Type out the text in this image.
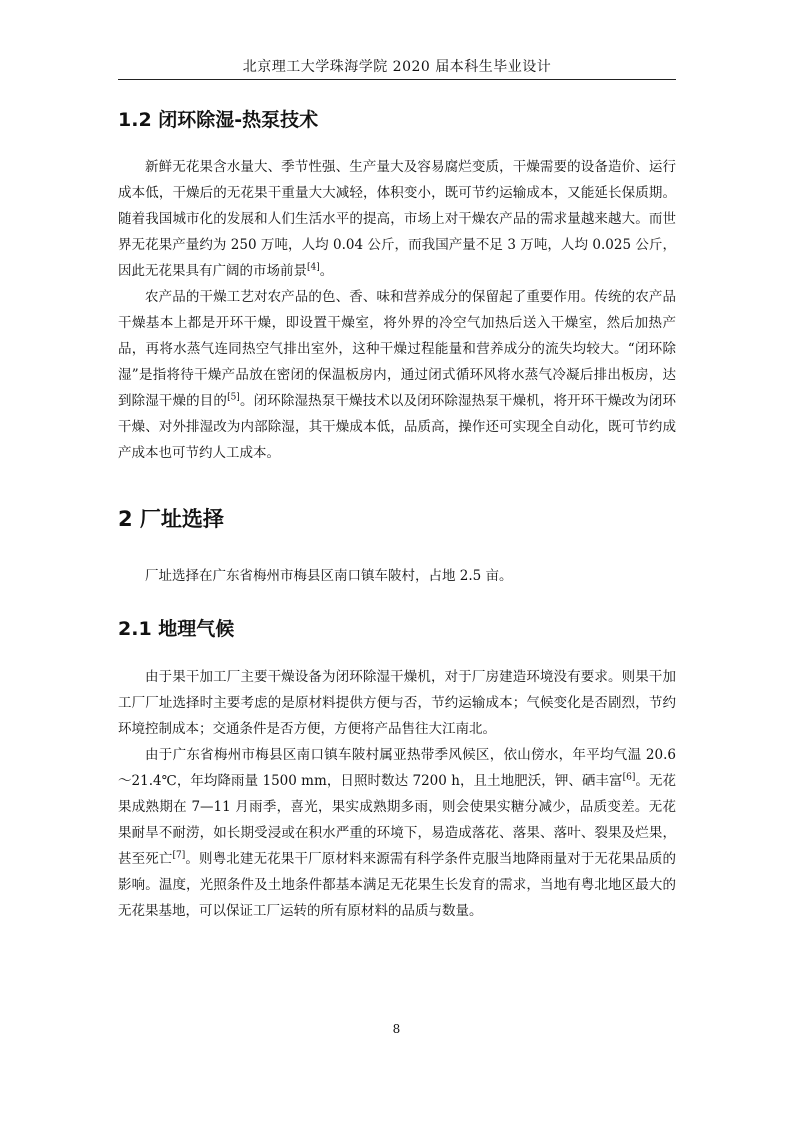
北京理工大学珠海学院 2020 届本科生毕业设计
1.2 闭环除湿-热泵技术

新鲜无花果含水量大、季节性强、生产量大及容易腐烂变质，干燥需要的设备造价、运行成本低，干燥后的无花果干重量大大减轻，体积变小，既可节约运输成本，又能延长保质期。随着我国城市化的发展和人们生活水平的提高，市场上对干燥农产品的需求量越来越大。而世界无花果产量约为 250 万吨，人均 0.04 公斤，而我国产量不足 3 万吨，人均 0.025 公斤，因此无花果具有广阔的市场前景[4]。

农产品的干燥工艺对农产品的色、香、味和营养成分的保留起了重要作用。传统的农产品干燥基本上都是开环干燥，即设置干燥室，将外界的冷空气加热后送入干燥室，然后加热产品，再将水蒸气连同热空气排出室外，这种干燥过程能量和营养成分的流失均较大。“闭环除湿”是指将待干燥产品放在密闭的保温板房内，通过闭式循环风将水蒸气冷凝后排出板房，达到除湿干燥的目的[5]。闭环除湿热泵干燥技术以及闭环除湿热泵干燥机，将开环干燥改为闭环干燥、对外排湿改为内部除湿，其干燥成本低，品质高，操作还可实现全自动化，既可节约成产成本也可节约人工成本。

2 厂址选择

厂址选择在广东省梅州市梅县区南口镇车陂村，占地 2.5 亩。

2.1 地理气候

由于果干加工厂主要干燥设备为闭环除湿干燥机，对于厂房建造环境没有要求。则果干加工厂厂址选择时主要考虑的是原材料提供方便与否，节约运输成本；气候变化是否剧烈，节约环境控制成本；交通条件是否方便，方便将产品售往大江南北。

由于广东省梅州市梅县区南口镇车陂村属亚热带季风候区，依山傍水，年平均气温 20.6～21.4℃，年均降雨量 1500 mm，日照时数达 7200 h，且土地肥沃，钾、硒丰富[6]。无花果成熟期在 7—11 月雨季，喜光，果实成熟期多雨，则会使果实糖分减少，品质变差。无花果耐旱不耐涝，如长期受浸或在积水严重的环境下，易造成落花、落果、落叶、裂果及烂果，甚至死亡[7]。则粤北建无花果干厂原材料来源需有科学条件克服当地降雨量对于无花果品质的影响。温度，光照条件及土地条件都基本满足无花果生长发育的需求，当地有粤北地区最大的无花果基地，可以保证工厂运转的所有原材料的品质与数量。

8
